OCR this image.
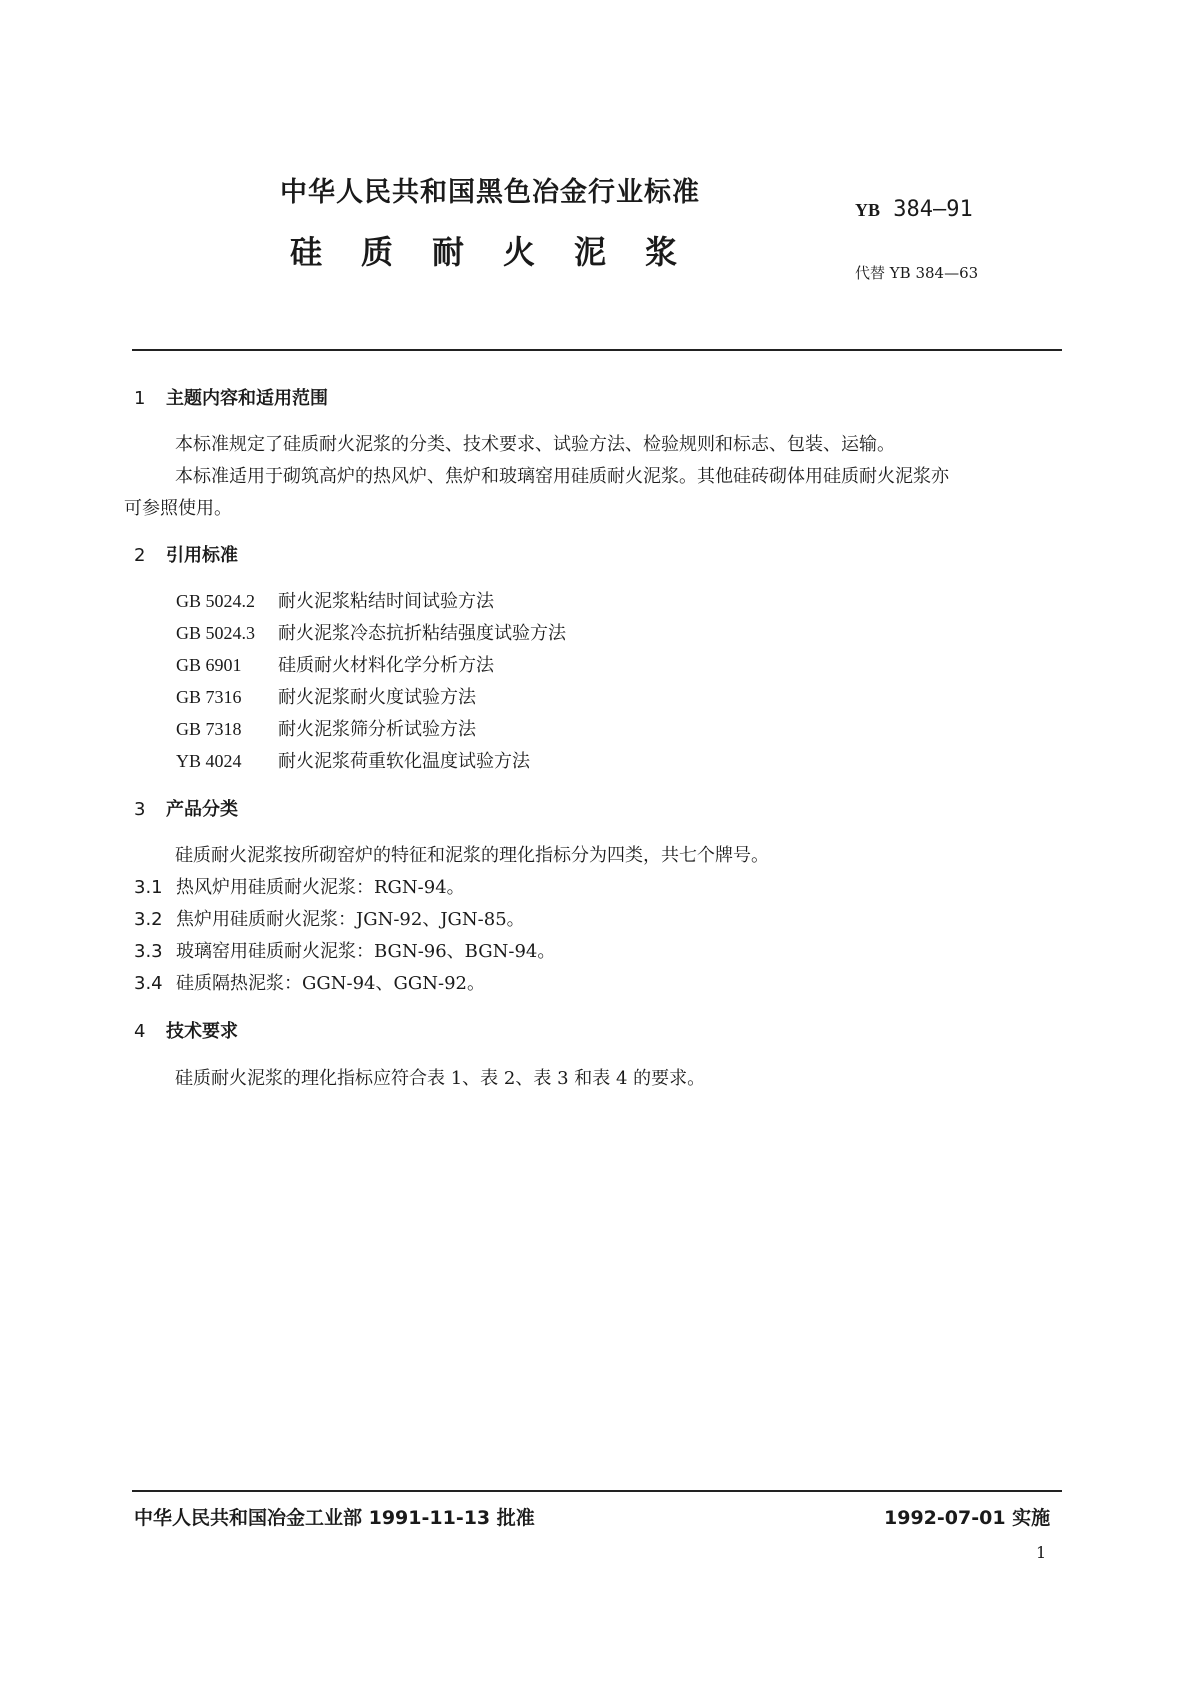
中华人民共和国黑色冶金行业标准
YB 384—91
硅质耐火泥浆
代替 YB 384—63
1 主题内容和适用范围
本标准规定了硅质耐火泥浆的分类、技术要求、试验方法、检验规则和标志、包装、运输。
本标准适用于砌筑高炉的热风炉、焦炉和玻璃窑用硅质耐火泥浆。其他硅砖砌体用硅质耐火泥浆亦
可参照使用。
2 引用标准
GB 5024.2 耐火泥浆粘结时间试验方法
GB 5024.3 耐火泥浆冷态抗折粘结强度试验方法
GB 6901 硅质耐火材料化学分析方法
GB 7316 耐火泥浆耐火度试验方法
GB 7318 耐火泥浆筛分析试验方法
YB 4024 耐火泥浆荷重软化温度试验方法
3 产品分类
硅质耐火泥浆按所砌窑炉的特征和泥浆的理化指标分为四类，共七个牌号。
3.1 热风炉用硅质耐火泥浆：RGN-94。
3.2 焦炉用硅质耐火泥浆：JGN-92、JGN-85。
3.3 玻璃窑用硅质耐火泥浆：BGN-96、BGN-94。
3.4 硅质隔热泥浆：GGN-94、GGN-92。
4 技术要求
硅质耐火泥浆的理化指标应符合表 1、表 2、表 3 和表 4 的要求。
中华人民共和国冶金工业部 1991-11-13 批准	1992-07-01 实施
1
